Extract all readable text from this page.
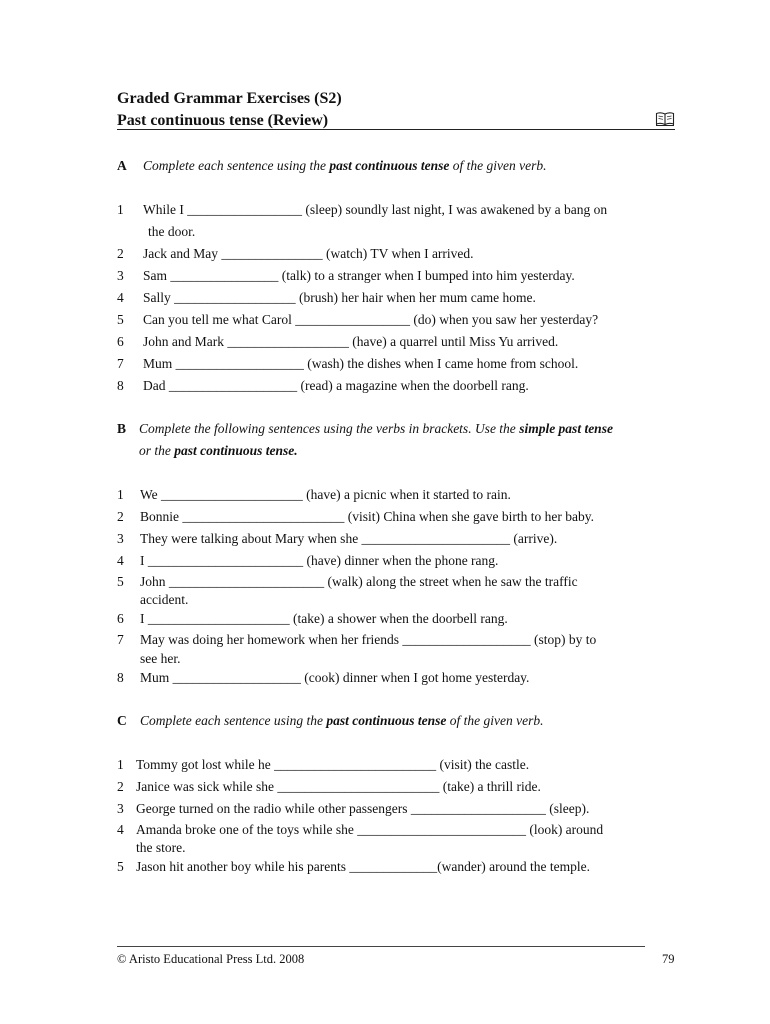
Graded Grammar Exercises (S2)
Past continuous tense (Review)
A Complete each sentence using the past continuous tense of the given verb.
1 While I _________________ (sleep) soundly last night, I was awakened by a bang on
the door.
2 Jack and May _______________ (watch) TV when I arrived.
3 Sam ________________ (talk) to a stranger when I bumped into him yesterday.
4 Sally __________________ (brush) her hair when her mum came home.
5 Can you tell me what Carol _________________ (do) when you saw her yesterday?
6 John and Mark __________________ (have) a quarrel until Miss Yu arrived.
7 Mum ___________________ (wash) the dishes when I came home from school.
8 Dad ___________________ (read) a magazine when the doorbell rang.
B Complete the following sentences using the verbs in brackets. Use the simple past tense
or the past continuous tense.
1 We _____________________ (have) a picnic when it started to rain.
2 Bonnie ________________________ (visit) China when she gave birth to her baby.
3 They were talking about Mary when she ______________________ (arrive).
4 I _______________________ (have) dinner when the phone rang.
5 John _______________________ (walk) along the street when he saw the traffic
accident.
6 I _____________________ (take) a shower when the doorbell rang.
7 May was doing her homework when her friends ___________________ (stop) by to
see her.
8 Mum ___________________ (cook) dinner when I got home yesterday.
C Complete each sentence using the past continuous tense of the given verb.
1 Tommy got lost while he ________________________ (visit) the castle.
2 Janice was sick while she ________________________ (take) a thrill ride.
3 George turned on the radio while other passengers ____________________ (sleep).
4 Amanda broke one of the toys while she _________________________ (look) around
the store.
5 Jason hit another boy while his parents _____________(wander) around the temple.
© Aristo Educational Press Ltd. 2008	79
